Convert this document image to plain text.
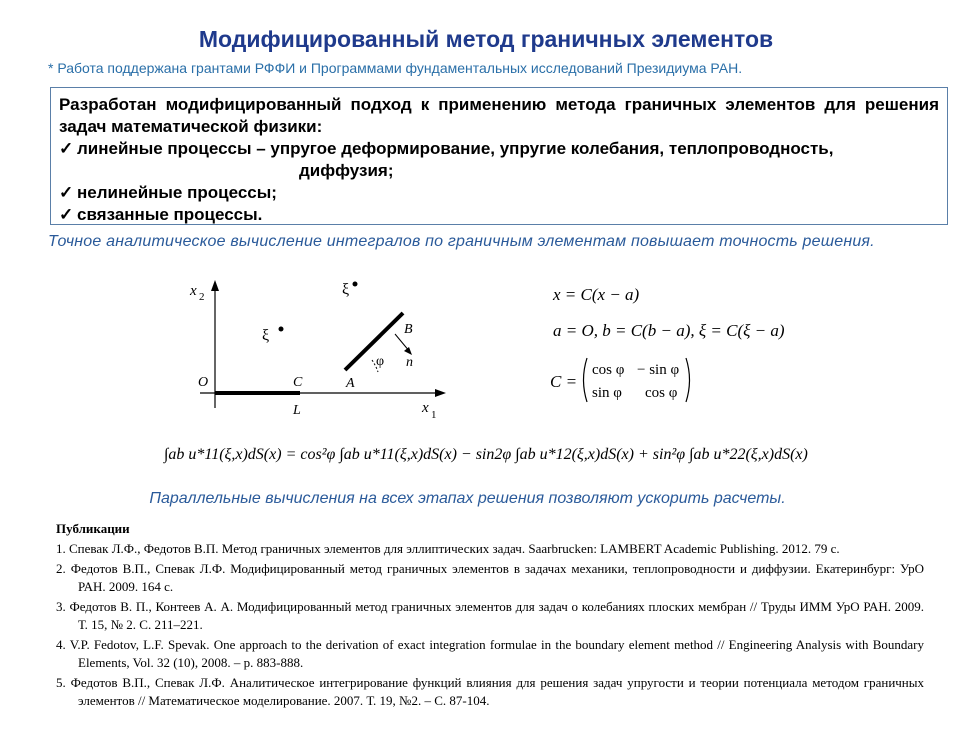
Модифицированный метод граничных элементов
* Работа поддержана грантами РФФИ и Программами фундаментальных исследований Президиума РАН.
Разработан модифицированный подход к применению метода граничных элементов для решения задач математической физики:
✓ линейные процессы – упругое деформирование, упругие колебания, теплопроводность,
диффузия;
✓ нелинейные процессы;
✓ связанные процессы.
Точное аналитическое вычисление интегралов по граничным элементам повышает точность решения.
x 2
x 1
O	C
L
A
B
n
φ
ξ
ξ	x = C(x − a)
a = O, b = C(b − a), ξ = C(ξ − a)
C =
cos φ − sin φ
sin φ cos φ
∫ab u*11(ξ,x)dS(x) = cos²φ ∫ab u*11(ξ,x)dS(x) − sin2φ ∫ab u*12(ξ,x)dS(x) + sin²φ ∫ab u*22(ξ,x)dS(x)
Параллельные вычисления на всех этапах решения позволяют ускорить расчеты.
Публикации
1. Спевак Л.Ф., Федотов В.П. Метод граничных элементов для эллиптических задач. Saarbrucken: LAMBERT Academic Publishing. 2012. 79 с.
2. Федотов В.П., Спевак Л.Ф. Модифицированный метод граничных элементов в задачах механики, теплопроводности и диффузии. Екатеринбург: УрО РАН. 2009. 164 с.
3. Федотов В. П., Контеев А. А. Модифицированный метод граничных элементов для задач о колебаниях плоских мембран // Труды ИММ УрО РАН. 2009. Т. 15, № 2. С. 211–221.
4. V.P. Fedotov, L.F. Spevak. One approach to the derivation of exact integration formulae in the boundary element method // Engineering Analysis with Boundary Elements, Vol. 32 (10), 2008. – p. 883-888.
5. Федотов В.П., Спевак Л.Ф. Аналитическое интегрирование функций влияния для решения задач упругости и теории потенциала методом граничных элементов // Математическое моделирование. 2007. Т. 19, №2. – С. 87-104.
